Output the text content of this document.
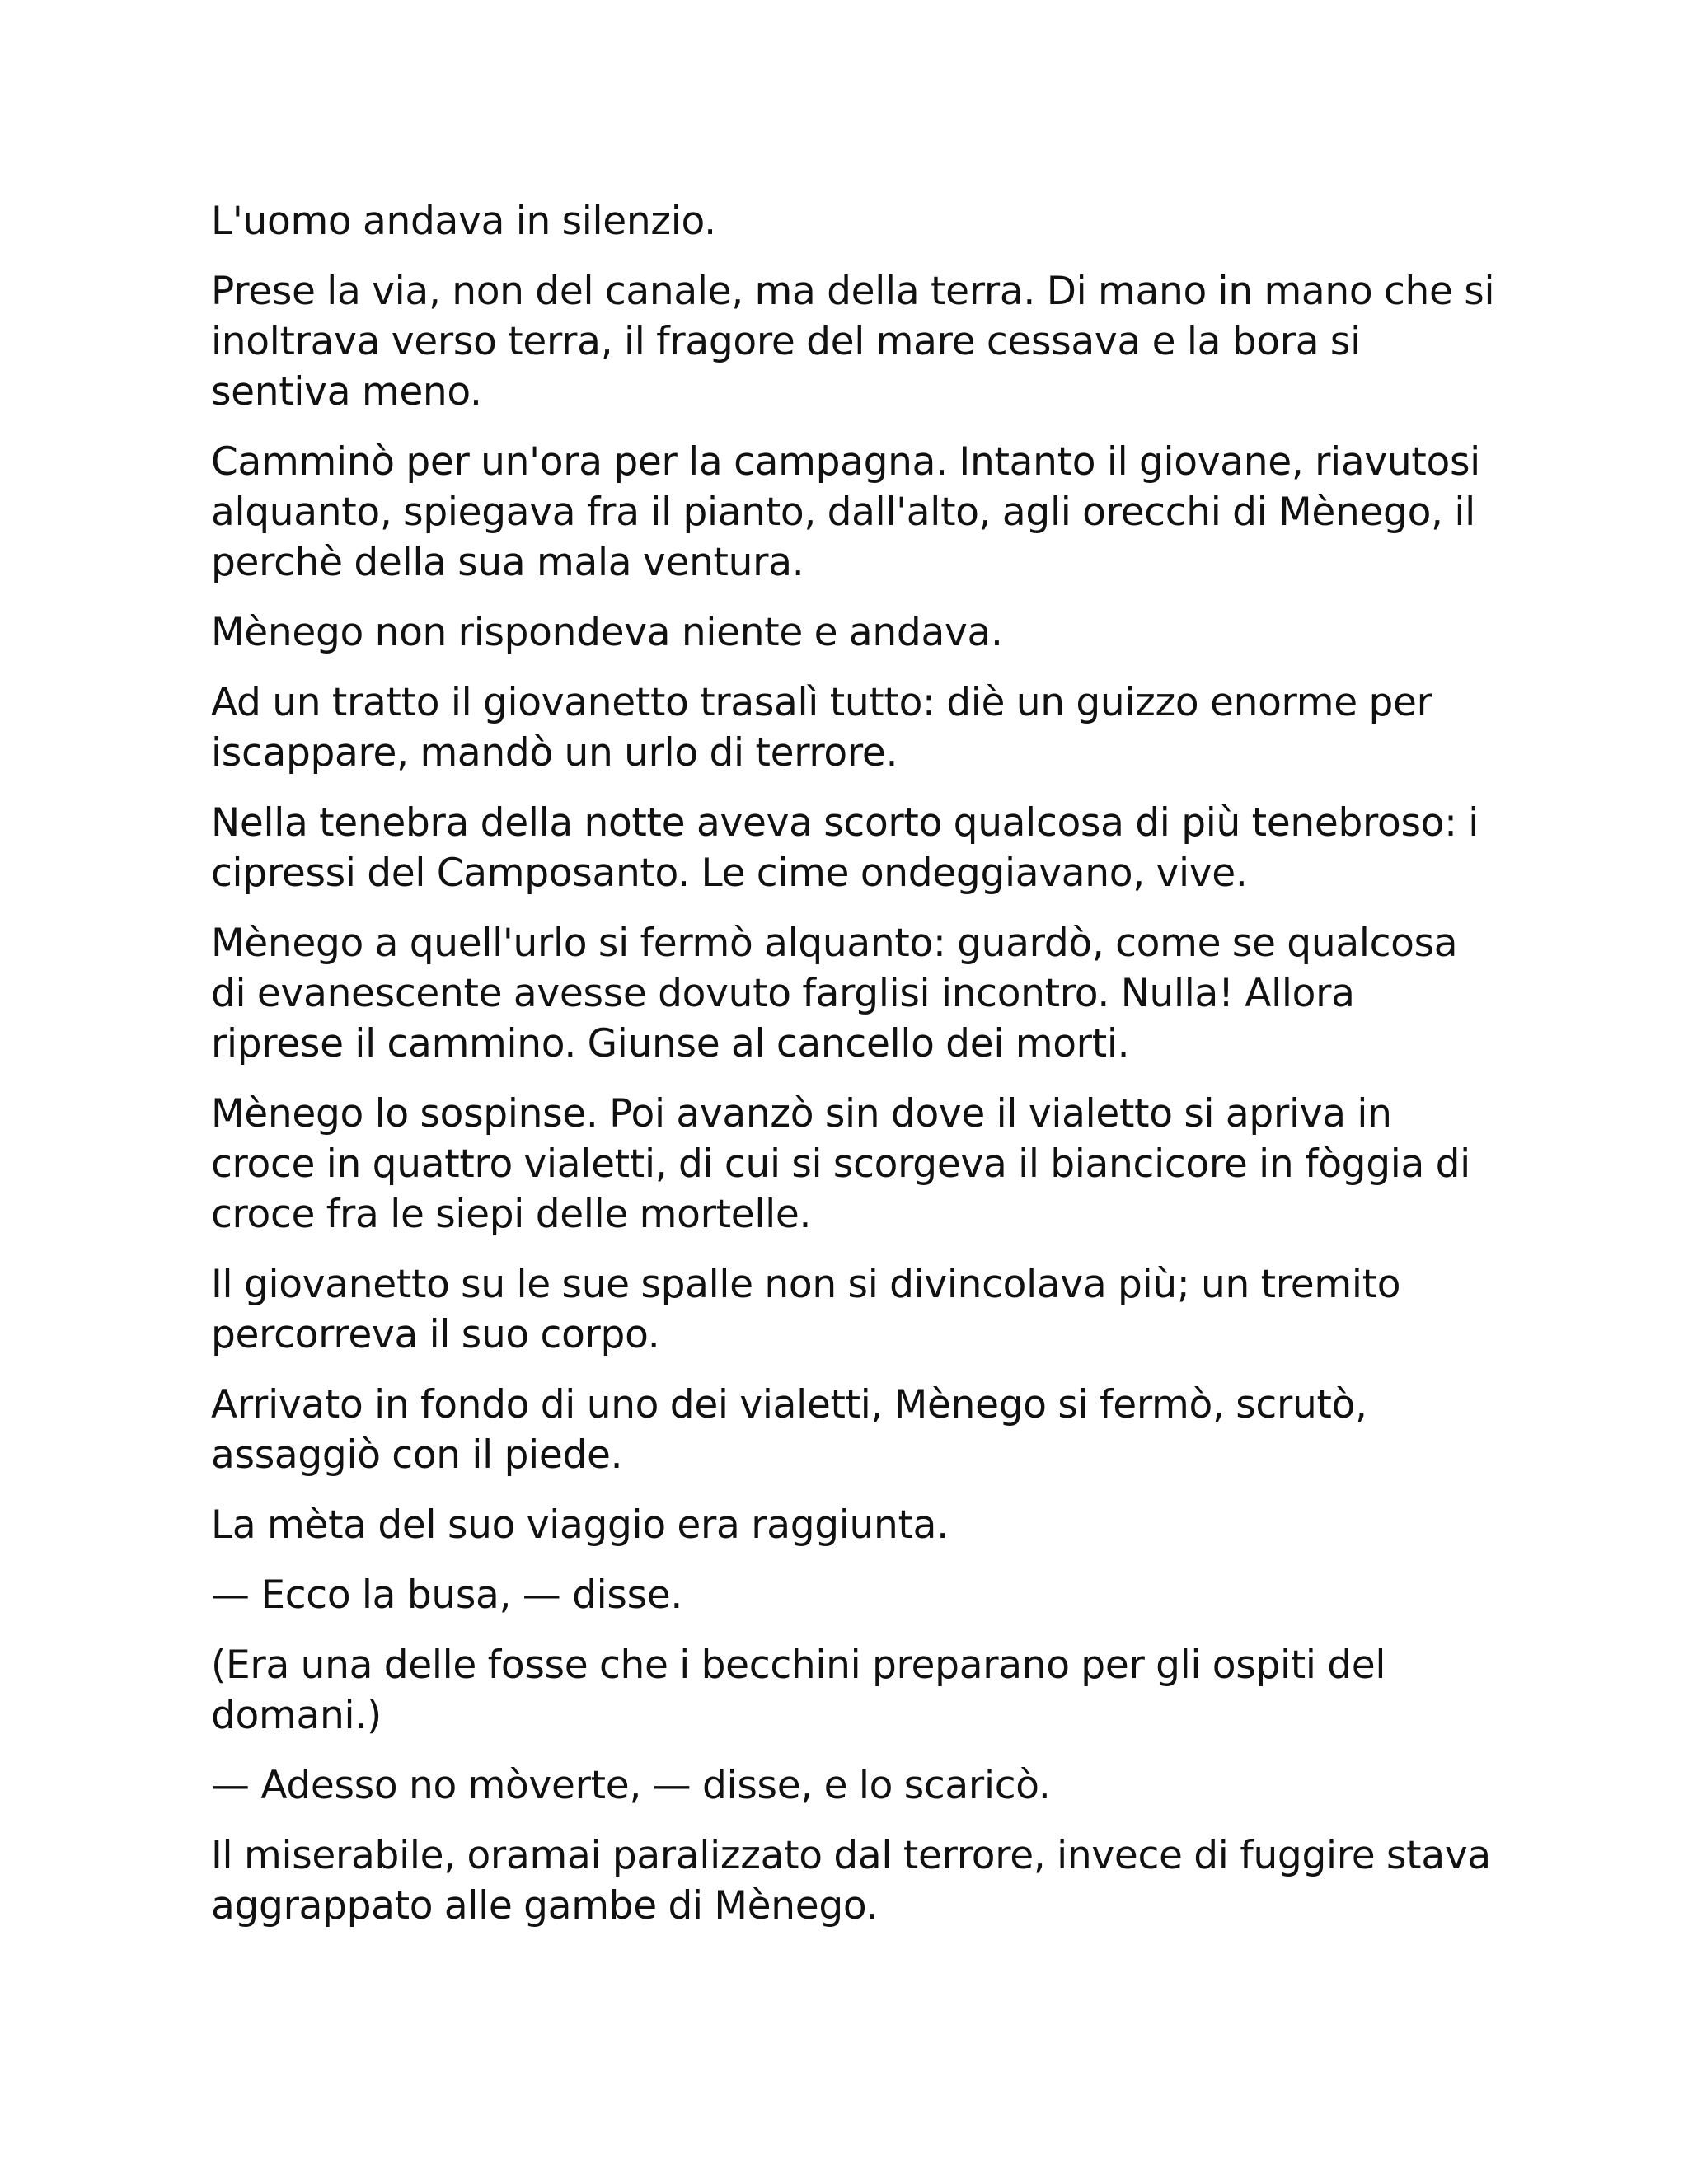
L'uomo andava in silenzio.

Prese la via, non del canale, ma della terra. Di mano in mano che si inoltrava verso terra, il fragore del mare cessava e la bora si sentiva meno.

Camminò per un'ora per la campagna. Intanto il giovane, riavutosi alquanto, spiegava fra il pianto, dall'alto, agli orecchi di Mènego, il perchè della sua mala ventura.

Mènego non rispondeva niente e andava.

Ad un tratto il giovanetto trasalì tutto: diè un guizzo enorme per iscappare, mandò un urlo di terrore.

Nella tenebra della notte aveva scorto qualcosa di più tenebroso: i cipressi del Camposanto. Le cime ondeggiavano, vive.

Mènego a quell'urlo si fermò alquanto: guardò, come se qualcosa di evanescente avesse dovuto farglisi incontro. Nulla! Allora riprese il cammino. Giunse al cancello dei morti.

Mènego lo sospinse. Poi avanzò sin dove il vialetto si apriva in croce in quattro vialetti, di cui si scorgeva il biancicore in fòggia di croce fra le siepi delle mortelle.

Il giovanetto su le sue spalle non si divincolava più; un tremito percorreva il suo corpo.

Arrivato in fondo di uno dei vialetti, Mènego si fermò, scrutò, assaggiò con il piede.

La mèta del suo viaggio era raggiunta.

— Ecco la busa, — disse.

(Era una delle fosse che i becchini preparano per gli ospiti del domani.)

— Adesso no mòverte, — disse, e lo scaricò.

Il miserabile, oramai paralizzato dal terrore, invece di fuggire stava aggrappato alle gambe di Mènego.
